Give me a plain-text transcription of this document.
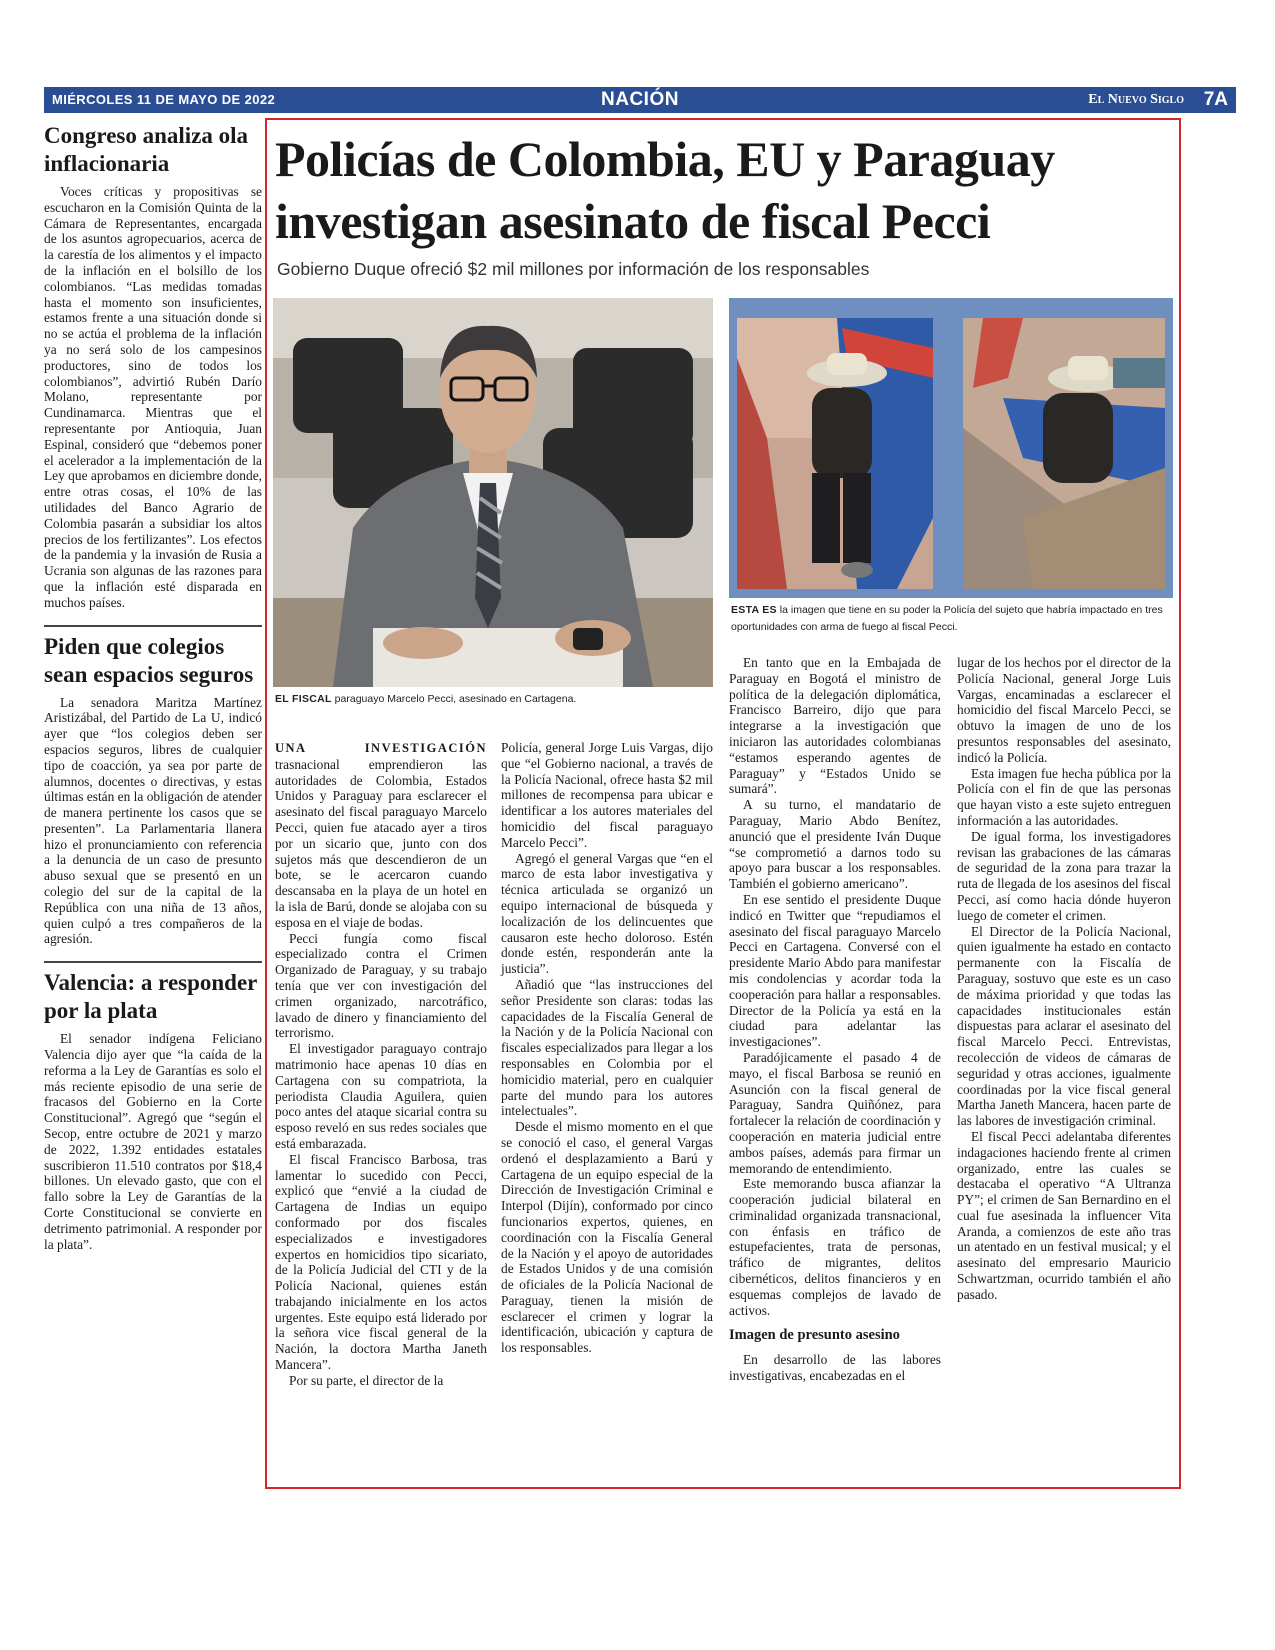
MIÉRCOLES 11 DE MAYO DE 2022	NACIÓN	El Nuevo Siglo 7A
Congreso analiza ola inflacionaria

Voces críticas y propositivas se escucharon en la Comisión Quinta de la Cámara de Representantes, encargada de los asuntos agropecuarios, acerca de la carestía de los alimentos y el impacto de la inflación en el bolsillo de los colombianos. “Las medidas tomadas hasta el momento son insuficientes, estamos frente a una situación donde si no se actúa el problema de la inflación ya no será solo de los campesinos productores, sino de todos los colombianos”, advirtió Rubén Darío Molano, representante por Cundinamarca. Mientras que el representante por Antioquia, Juan Espinal, consideró que “debemos poner el acelerador a la implementación de la Ley que aprobamos en diciembre donde, entre otras cosas, el 10% de las utilidades del Banco Agrario de Colombia pasarán a subsidiar los altos precios de los fertilizantes”. Los efectos de la pandemia y la invasión de Rusia a Ucrania son algunas de las razones para que la inflación esté disparada en muchos países.

Piden que colegios sean espacios seguros

La senadora Maritza Martínez Aristizábal, del Partido de La U, indicó ayer que “los colegios deben ser espacios seguros, libres de cualquier tipo de coacción, ya sea por parte de alumnos, docentes o directivas, y estas últimas están en la obligación de atender de manera pertinente los casos que se presenten”. La Parlamentaria llanera hizo el pronunciamiento con referencia a la denuncia de un caso de presunto abuso sexual que se presentó en un colegio del sur de la capital de la República con una niña de 13 años, quien culpó a tres compañeros de la agresión.

Valencia: a responder por la plata

El senador indígena Feliciano Valencia dijo ayer que “la caída de la reforma a la Ley de Garantías es solo el más reciente episodio de una serie de fracasos del Gobierno en la Corte Constitucional”. Agregó que “según el Secop, entre octubre de 2021 y marzo de 2022, 1.392 entidades estatales suscribieron 11.510 contratos por $18,4 billones. Un elevado gasto, que con el fallo sobre la Ley de Garantías de la Corte Constitucional se convierte en detrimento patrimonial. A responder por la plata”.

Policías de Colombia, EU y Paraguay
investigan asesinato de fiscal Pecci
Gobierno Duque ofreció $2 mil millones por información de los responsables
EL FISCAL paraguayo Marcelo Pecci, asesinado en Cartagena.
ESTA ES la imagen que tiene en su poder la Policía del sujeto que habría impactado en tres oportunidades con arma de fuego al fiscal Pecci.

UNA INVESTIGACIÓN trasnacional emprendieron las autoridades de Colombia, Estados Unidos y Paraguay para esclarecer el asesinato del fiscal paraguayo Marcelo Pecci, quien fue atacado ayer a tiros por un sicario que, junto con dos sujetos más que descendieron de un bote, se le acercaron cuando descansaba en la playa de un hotel en la isla de Barú, donde se alojaba con su esposa en el viaje de bodas.

Pecci fungía como fiscal especializado contra el Crimen Organizado de Paraguay, y su trabajo tenía que ver con investigación del crimen organizado, narcotráfico, lavado de dinero y financiamiento del terrorismo.

El investigador paraguayo contrajo matrimonio hace apenas 10 días en Cartagena con su compatriota, la periodista Claudia Aguilera, quien poco antes del ataque sicarial contra su esposo reveló en sus redes sociales que está embarazada.

El fiscal Francisco Barbosa, tras lamentar lo sucedido con Pecci, explicó que “envié a la ciudad de Cartagena de Indias un equipo conformado por dos fiscales especializados e investigadores expertos en homicidios tipo sicariato, de la Policía Judicial del CTI y de la Policía Nacional, quienes están trabajando inicialmente en los actos urgentes. Este equipo está liderado por la señora vice fiscal general de la Nación, la doctora Martha Janeth Mancera”.

Por su parte, el director de la

Policía, general Jorge Luis Vargas, dijo que “el Gobierno nacional, a través de la Policía Nacional, ofrece hasta $2 mil millones de recompensa para ubicar e identificar a los autores materiales del homicidio del fiscal paraguayo Marcelo Pecci”.

Agregó el general Vargas que “en el marco de esta labor investigativa y técnica articulada se organizó un equipo internacional de búsqueda y localización de los delincuentes que causaron este hecho doloroso. Estén donde estén, responderán ante la justicia”.

Añadió que “las instrucciones del señor Presidente son claras: todas las capacidades de la Fiscalía General de la Nación y de la Policía Nacional con fiscales especializados para llegar a los responsables en Colombia por el homicidio material, pero en cualquier parte del mundo para los autores intelectuales”.

Desde el mismo momento en el que se conoció el caso, el general Vargas ordenó el desplazamiento a Barú y Cartagena de un equipo especial de la Dirección de Investigación Criminal e Interpol (Dijín), conformado por cinco funcionarios expertos, quienes, en coordinación con la Fiscalía General de la Nación y el apoyo de autoridades de Estados Unidos y de una comisión de oficiales de la Policía Nacional de Paraguay, tienen la misión de esclarecer el crimen y lograr la identificación, ubicación y captura de los responsables.

En tanto que en la Embajada de Paraguay en Bogotá el ministro de política de la delegación diplomática, Francisco Barreiro, dijo que para integrarse a la investigación que iniciaron las autoridades colombianas “estamos esperando agentes de Paraguay” y “Estados Unido se sumará”.

A su turno, el mandatario de Paraguay, Mario Abdo Benítez, anunció que el presidente Iván Duque “se comprometió a darnos todo su apoyo para buscar a los responsables. También el gobierno americano”.

En ese sentido el presidente Duque indicó en Twitter que “repudiamos el asesinato del fiscal paraguayo Marcelo Pecci en Cartagena. Conversé con el presidente Mario Abdo para manifestar mis condolencias y acordar toda la cooperación para hallar a responsables. Director de la Policía ya está en la ciudad para adelantar las investigaciones”.

Paradójicamente el pasado 4 de mayo, el fiscal Barbosa se reunió en Asunción con la fiscal general de Paraguay, Sandra Quiñónez, para fortalecer la relación de coordinación y cooperación en materia judicial entre ambos países, además para firmar un memorando de entendimiento.

Este memorando busca afianzar la cooperación judicial bilateral en criminalidad organizada transnacional, con énfasis en tráfico de estupefacientes, trata de personas, tráfico de migrantes, delitos cibernéticos, delitos financieros y en esquemas complejos de lavado de activos.

Imagen de presunto asesino

En desarrollo de las labores investigativas, encabezadas en el

lugar de los hechos por el director de la Policía Nacional, general Jorge Luis Vargas, encaminadas a esclarecer el homicidio del fiscal Marcelo Pecci, se obtuvo la imagen de uno de los presuntos responsables del asesinato, indicó la Policía.

Esta imagen fue hecha pública por la Policía con el fin de que las personas que hayan visto a este sujeto entreguen información a las autoridades.

De igual forma, los investigadores revisan las grabaciones de las cámaras de seguridad de la zona para trazar la ruta de llegada de los asesinos del fiscal Pecci, así como hacia dónde huyeron luego de cometer el crimen.

El Director de la Policía Nacional, quien igualmente ha estado en contacto permanente con la Fiscalía de Paraguay, sostuvo que este es un caso de máxima prioridad y que todas las capacidades institucionales están dispuestas para aclarar el asesinato del fiscal Marcelo Pecci. Entrevistas, recolección de videos de cámaras de seguridad y otras acciones, igualmente coordinadas por la vice fiscal general Martha Janeth Mancera, hacen parte de las labores de investigación criminal.

El fiscal Pecci adelantaba diferentes indagaciones haciendo frente al crimen organizado, entre las cuales se destacaba el operativo “A Ultranza PY”; el crimen de San Bernardino en el cual fue asesinada la influencer Vita Aranda, a comienzos de este año tras un atentado en un festival musical; y el asesinato del empresario Mauricio Schwartzman, ocurrido también el año pasado.
